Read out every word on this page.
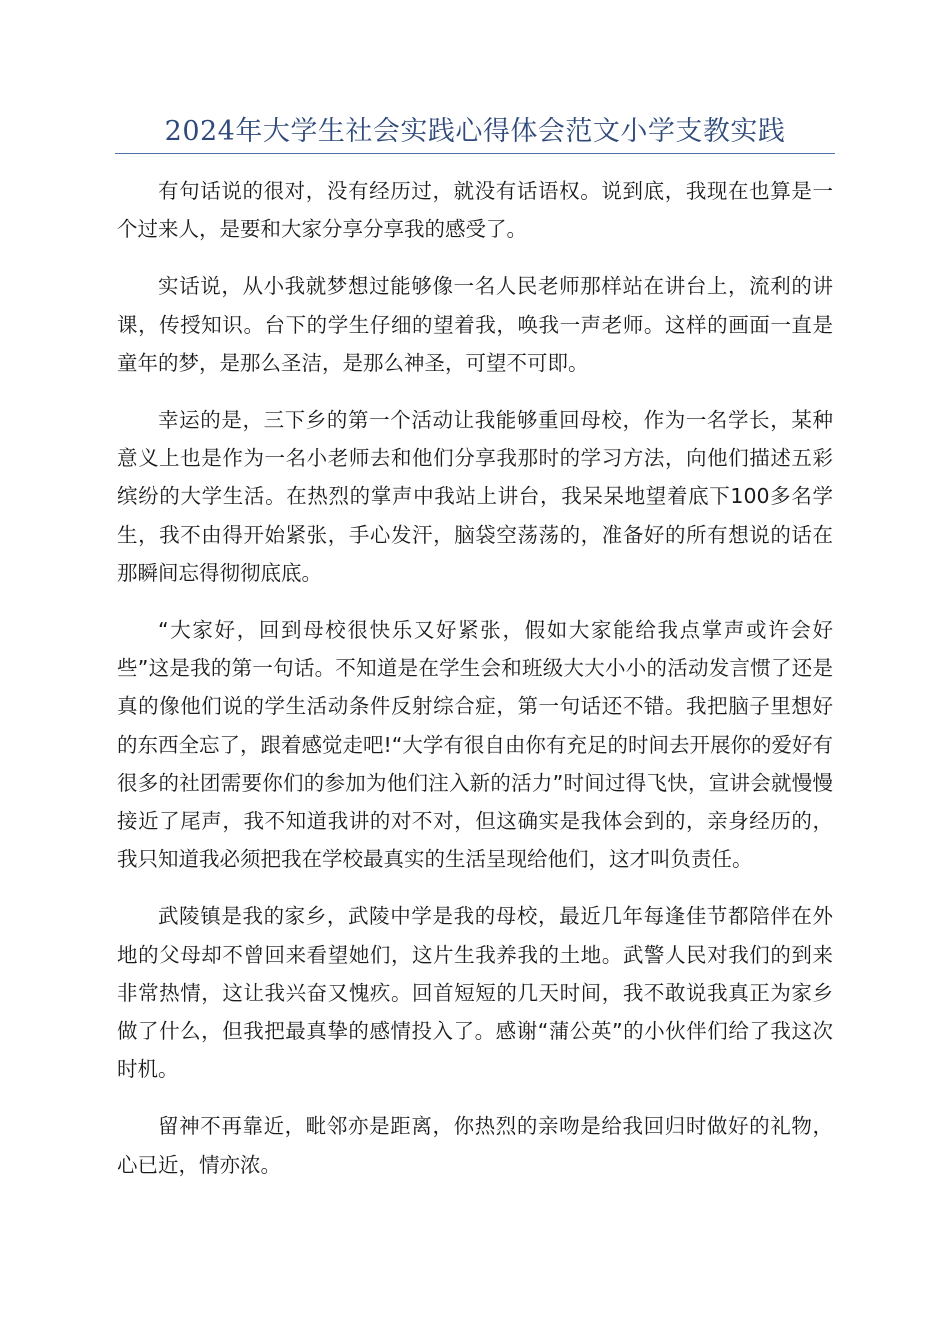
2024年大学生社会实践心得体会范文小学支教实践

有句话说的很对，没有经历过，就没有话语权。说到底，我现在也算是一个过来人，是要和大家分享分享我的感受了。

实话说，从小我就梦想过能够像一名人民老师那样站在讲台上，流利的讲课，传授知识。台下的学生仔细的望着我，唤我一声老师。这样的画面一直是童年的梦，是那么圣洁，是那么神圣，可望不可即。

幸运的是，三下乡的第一个活动让我能够重回母校，作为一名学长，某种意义上也是作为一名小老师去和他们分享我那时的学习方法，向他们描述五彩缤纷的大学生活。在热烈的掌声中我站上讲台，我呆呆地望着底下100多名学生，我不由得开始紧张，手心发汗，脑袋空荡荡的，准备好的所有想说的话在那瞬间忘得彻彻底底。

“大家好，回到母校很快乐又好紧张，假如大家能给我点掌声或许会好些”这是我的第一句话。不知道是在学生会和班级大大小小的活动发言惯了还是真的像他们说的学生活动条件反射综合症，第一句话还不错。我把脑子里想好的东西全忘了，跟着感觉走吧!“大学有很自由你有充足的时间去开展你的爱好有很多的社团需要你们的参加为他们注入新的活力”时间过得飞快，宣讲会就慢慢接近了尾声，我不知道我讲的对不对，但这确实是我体会到的，亲身经历的，我只知道我必须把我在学校最真实的生活呈现给他们，这才叫负责任。

武陵镇是我的家乡，武陵中学是我的母校，最近几年每逢佳节都陪伴在外地的父母却不曾回来看望她们，这片生我养我的土地。武警人民对我们的到来非常热情，这让我兴奋又愧疚。回首短短的几天时间，我不敢说我真正为家乡做了什么，但我把最真挚的感情投入了。感谢“蒲公英”的小伙伴们给了我这次时机。

留神不再靠近，毗邻亦是距离，你热烈的亲吻是给我回归时做好的礼物，心已近，情亦浓。
